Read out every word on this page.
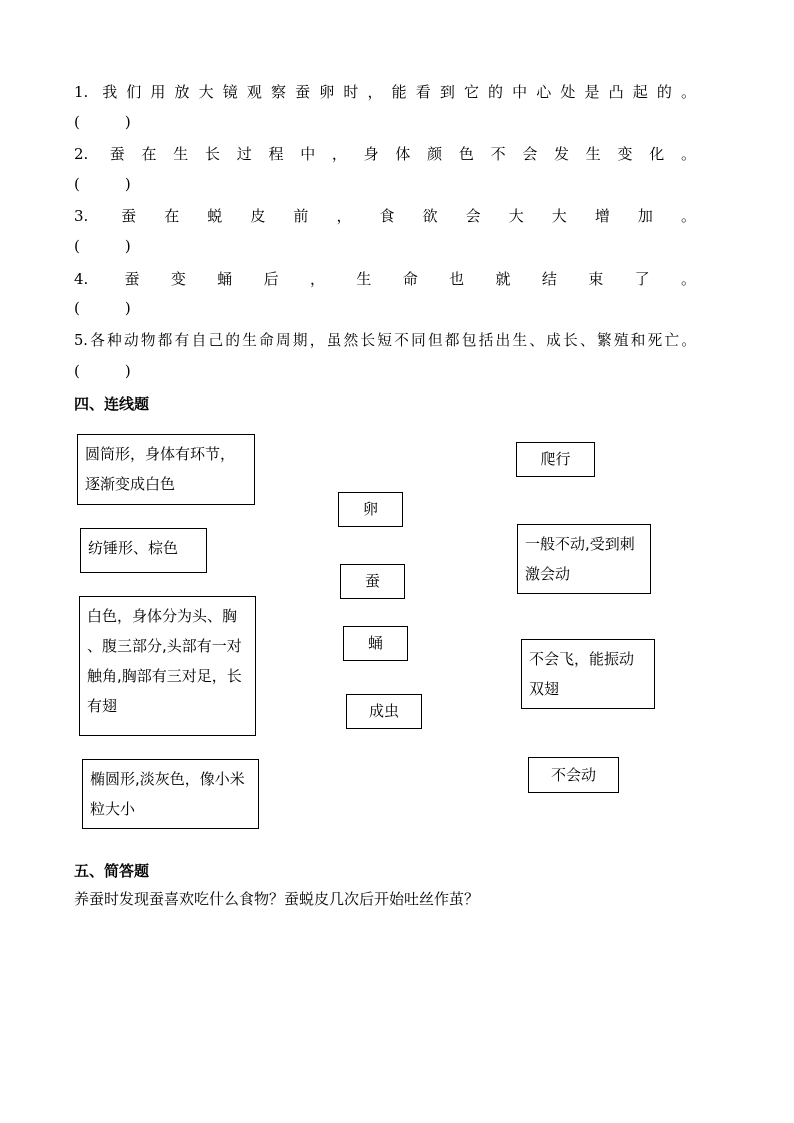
1. 我们用放大镜观察蚕卵时，能看到它的中心处是凸起的。
(　　　)
2. 蚕在生长过程中，身体颜色不会发生变化。
(　　　)
3. 蚕在蜕皮前，食欲会大大增加。
(　　　)
4. 蚕变蛹后，生命也就结束了。
(　　　)
5.各种动物都有自己的生命周期，虽然长短不同但都包括出生、成长、繁殖和死亡。
(　　　)
四、连线题
圆筒形，身体有环节，逐渐变成白色
纺锤形、棕色
白色，身体分为头、胸 、腹三部分,头部有一对触角,胸部有三对足，长有翅
椭圆形,淡灰色，像小米粒大小
卵
蚕
蛹
成虫
爬行
一般不动,受到刺激会动
不会飞，能振动双翅
不会动
五、简答题
养蚕时发现蚕喜欢吃什么食物？蚕蜕皮几次后开始吐丝作茧？
